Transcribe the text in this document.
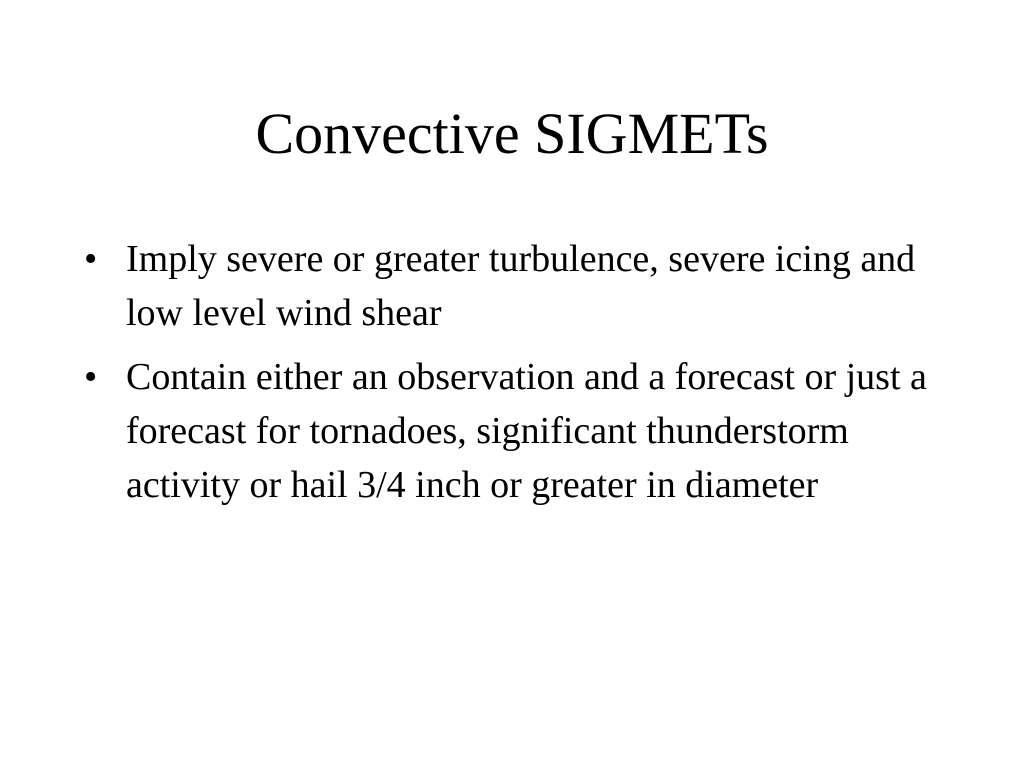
Convective SIGMETs
• Imply severe or greater turbulence, severe icing and low level wind shear
• Contain either an observation and a forecast or just a forecast for tornadoes, significant thunderstorm activity or hail 3/4 inch or greater in diameter
